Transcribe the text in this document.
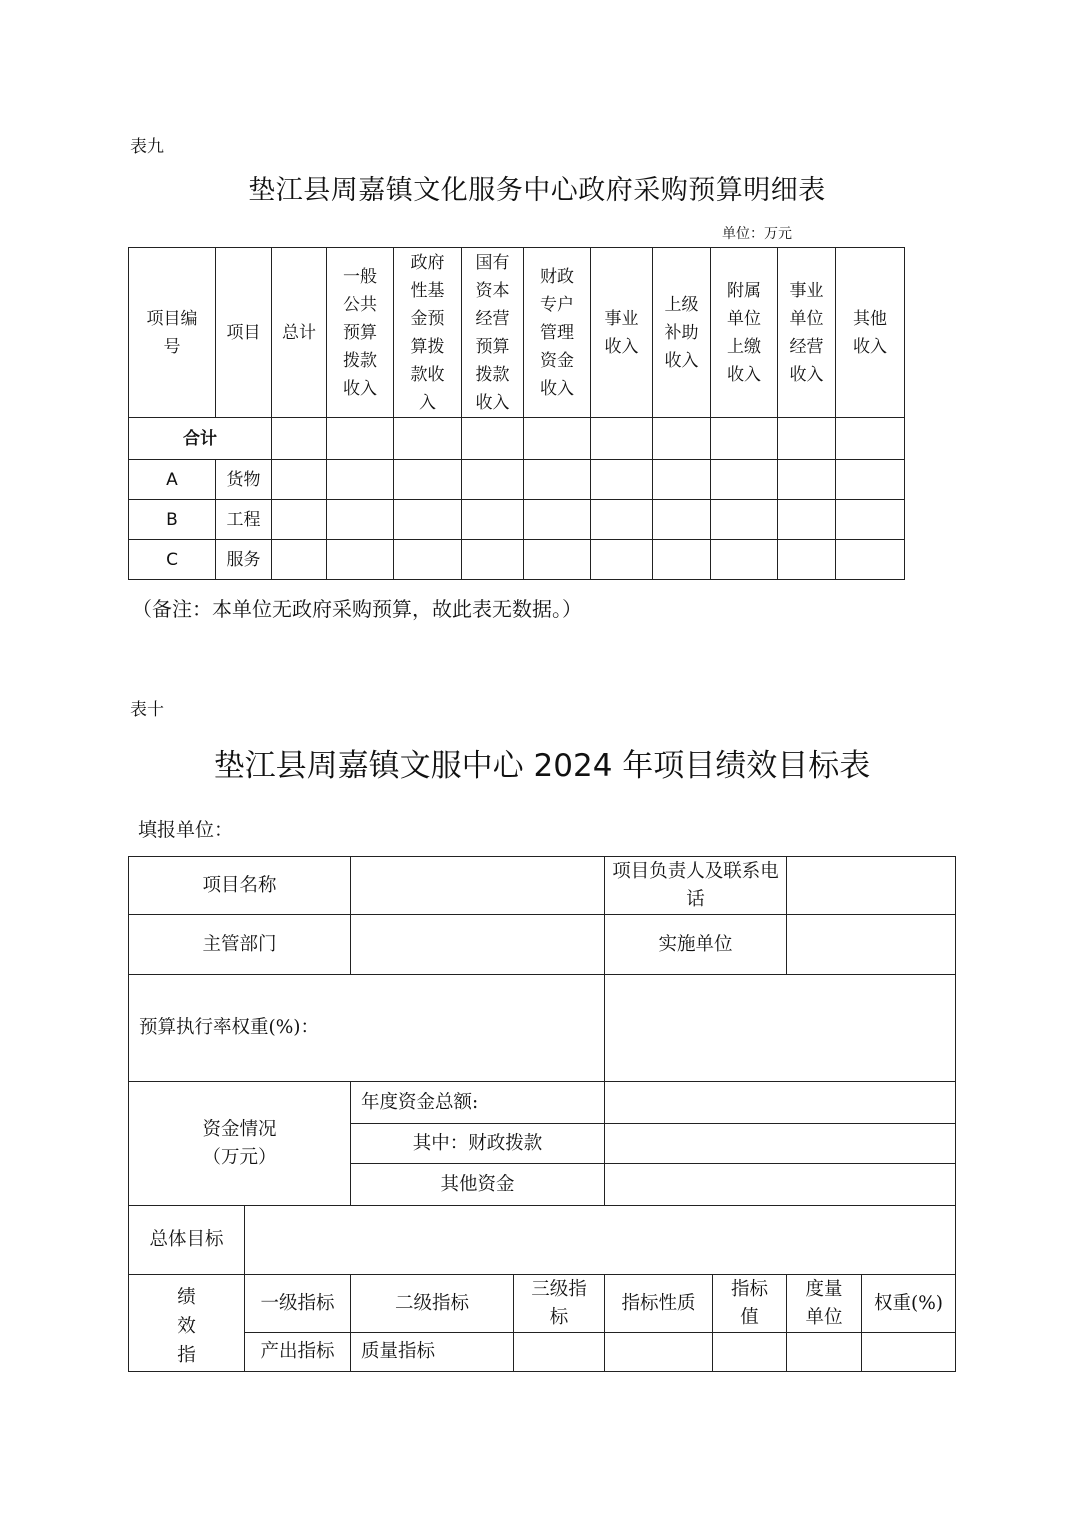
表九
垫江县周嘉镇文化服务中心政府采购预算明细表
单位：万元
项目编号	项目	总计	一般公共预算拨款收入	政府性基金预算拨款收入	国有资本经营预算拨款收入	财政专户管理资金收入	事业收入	上级补助收入	附属单位上缴收入	事业单位经营收入	其他收入
合计											
A	货物										
B	工程										
C	服务										
（备注：本单位无政府采购预算，故此表无数据。）
表十
垫江县周嘉镇文服中心 2024 年项目绩效目标表
填报单位：
项目名称				项目负责人及联系电话			
主管部门				实施单位			
预算执行率权重(%)：							
资金情况（万元）		年度资金总额:					
		其中：财政拨款					
		其他资金					
总体目标							
绩效指	一级指标	二级指标	三级指标	指标性质	指标值	度量单位	权重(%)
	产出指标	质量指标					
